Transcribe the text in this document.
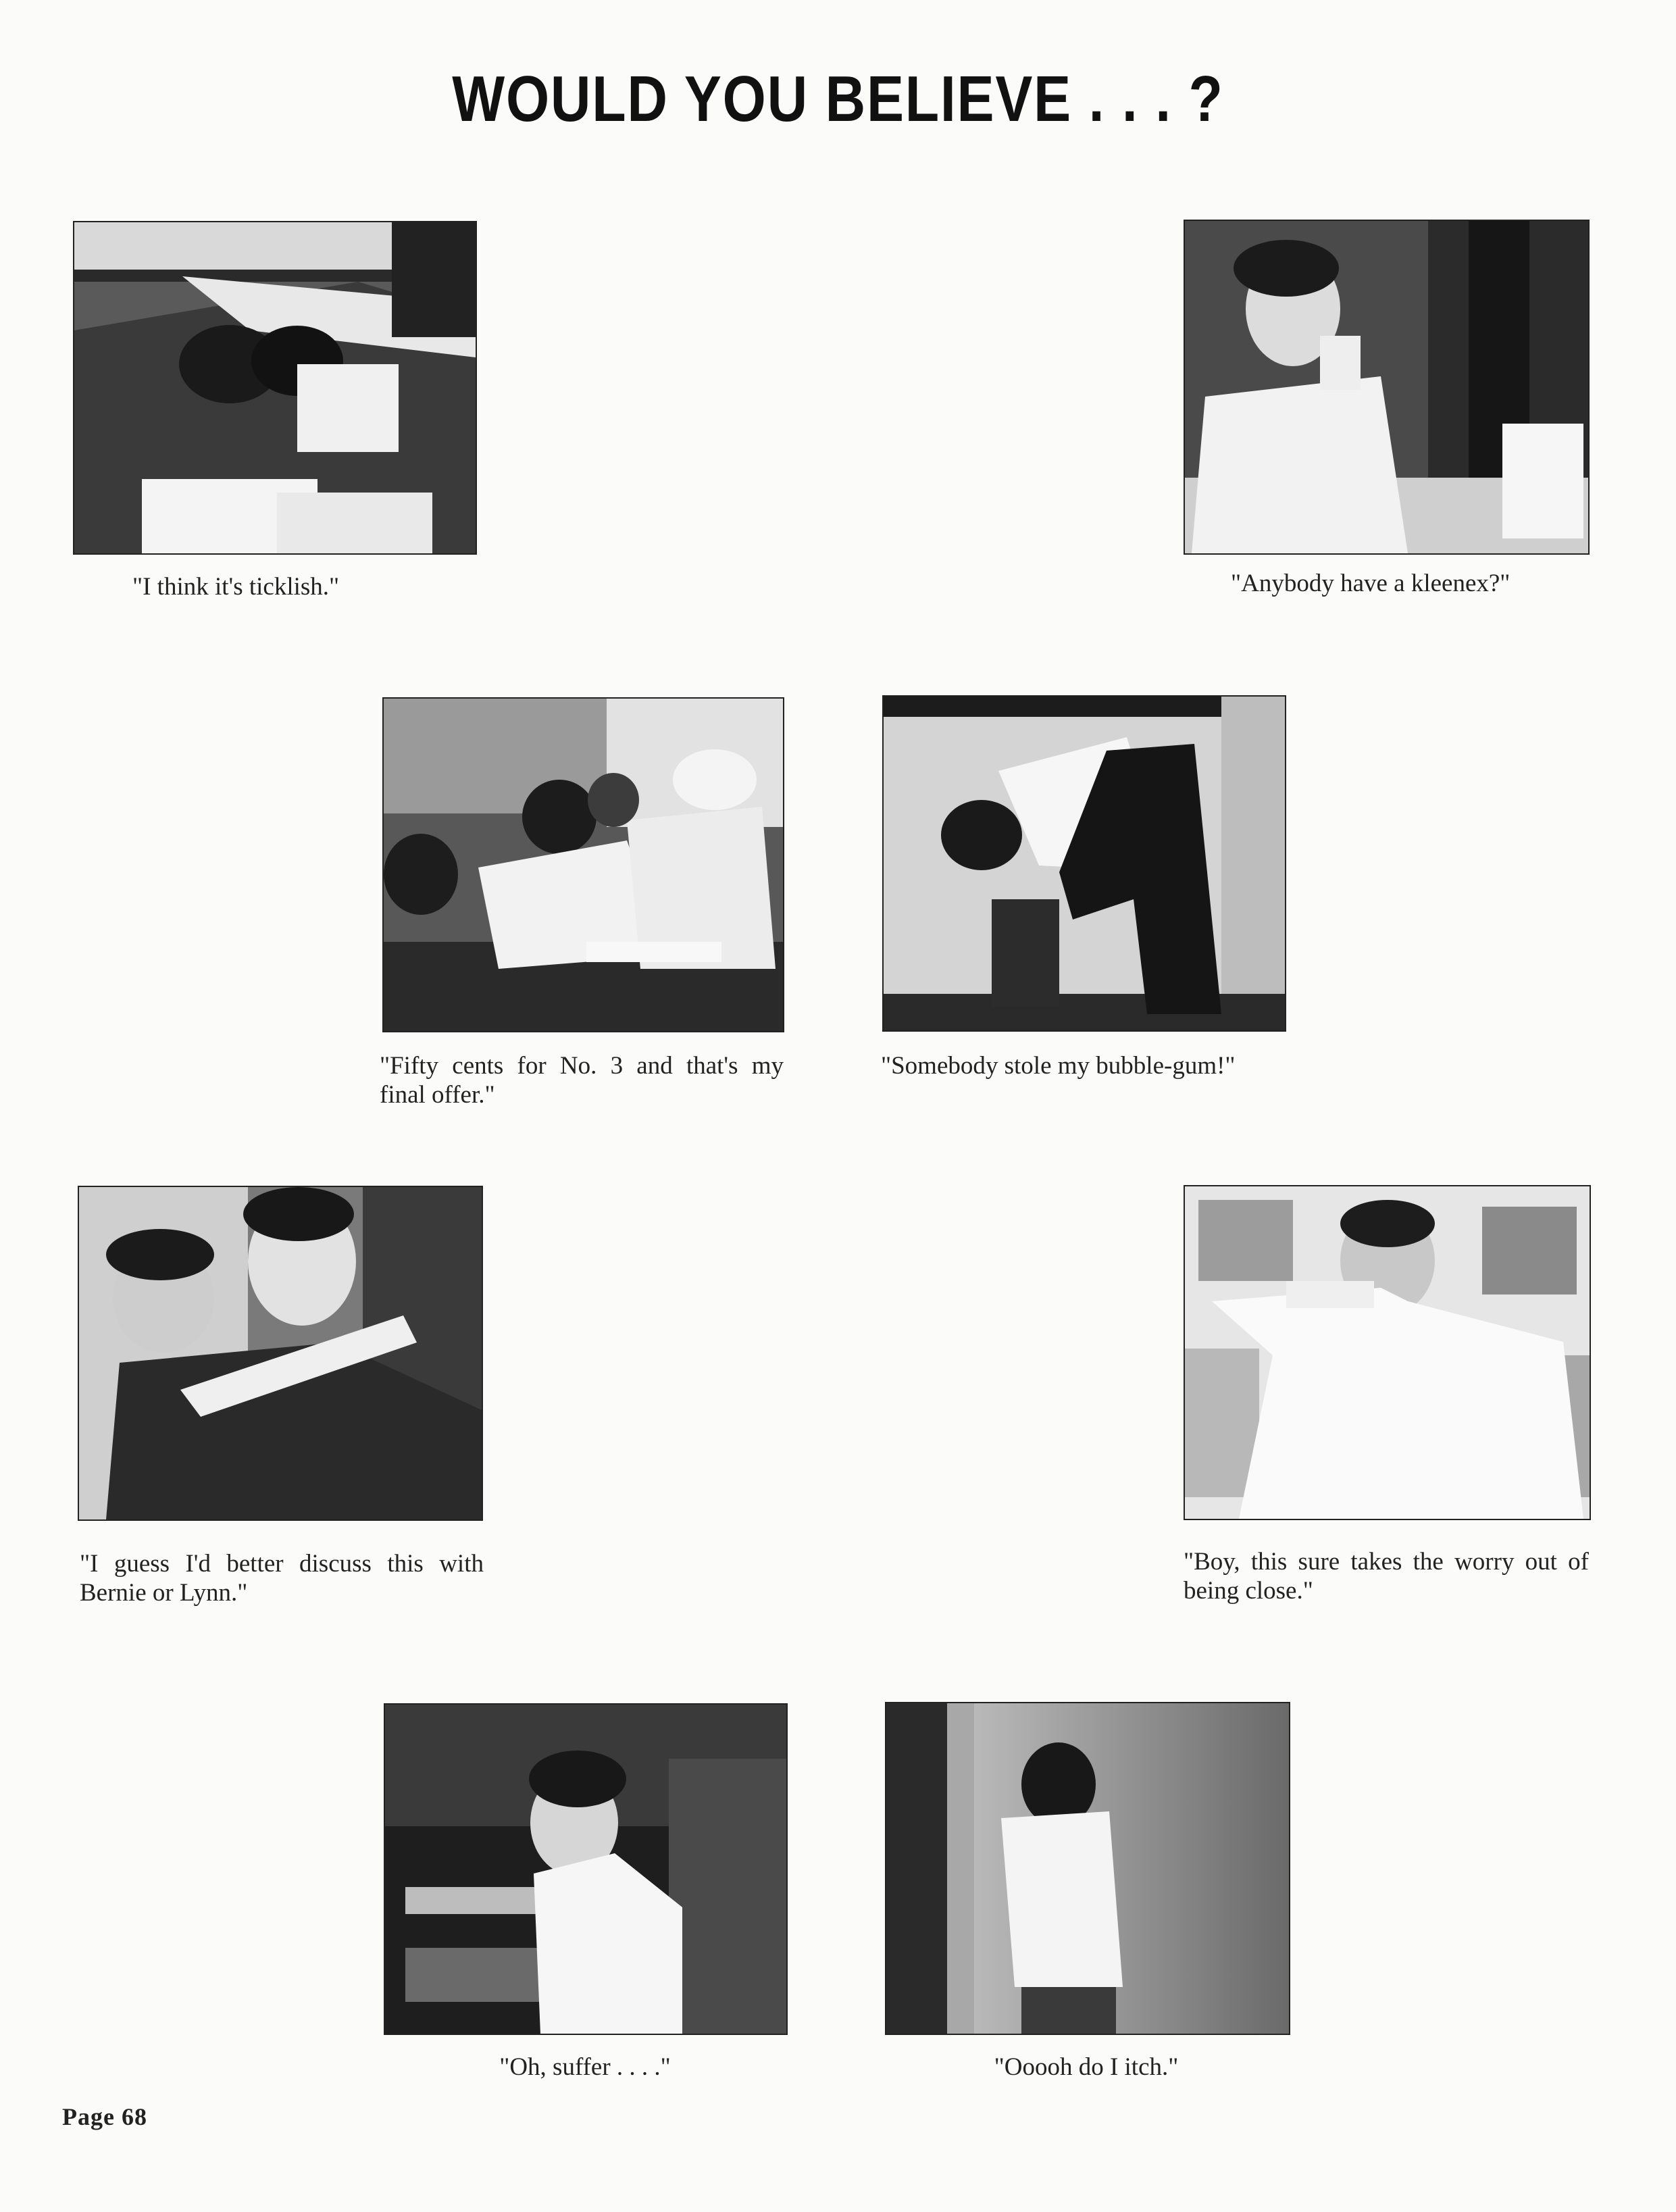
WOULD YOU BELIEVE . . . ?
"I think it's ticklish."	"Anybody have a kleenex?"
"Fifty cents for No. 3 and that's my final offer."
"Somebody stole my bubble-gum!"
"I guess I'd better discuss this with Bernie or Lynn."
"Boy, this sure takes the worry out of being close."
"Oh, suffer . . . ."	"Ooooh do I itch."
Page 68
